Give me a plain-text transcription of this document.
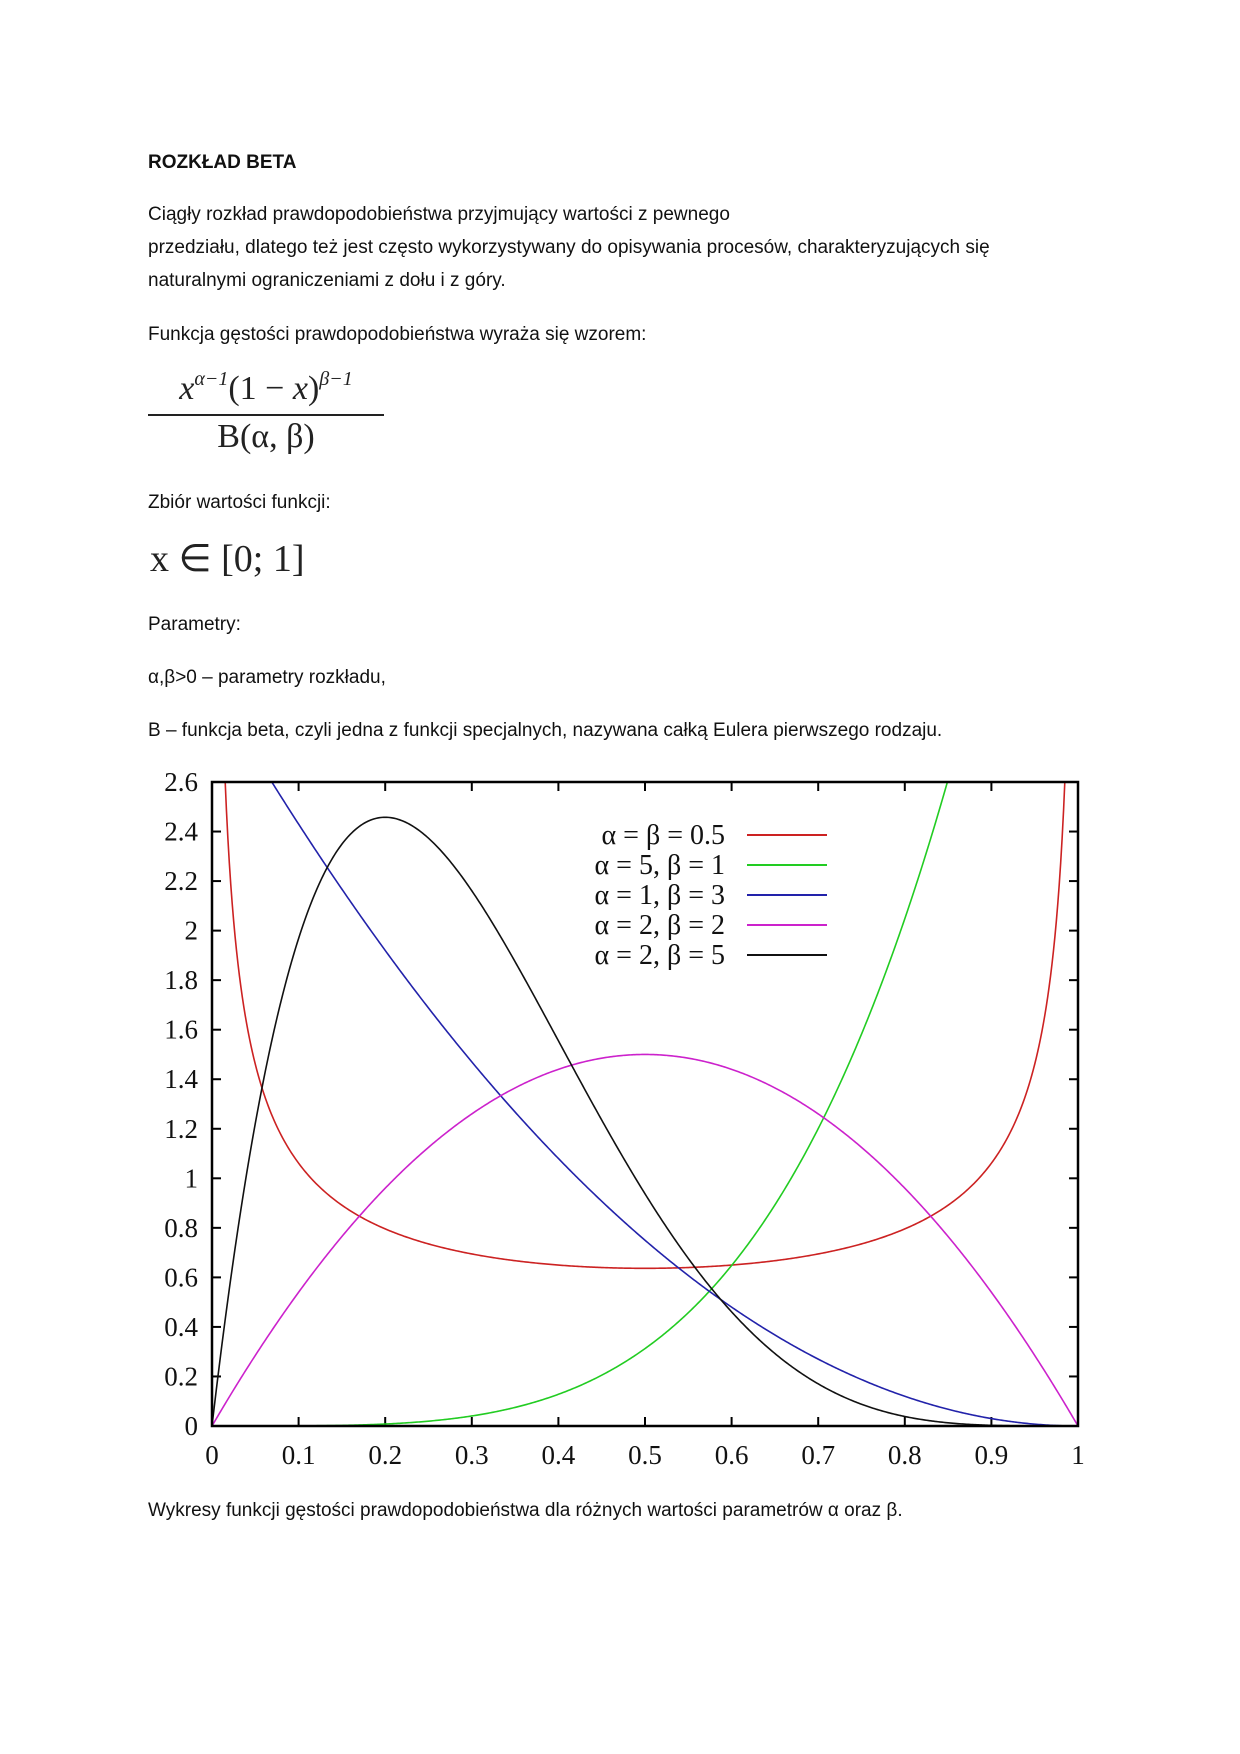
ROZKŁAD BETA
Ciągły rozkład prawdopodobieństwa przyjmujący wartości z pewnego
przedziału, dlatego też jest często wykorzystywany do opisywania procesów, charakteryzujących się
naturalnymi ograniczeniami z dołu i z góry.
Funkcja gęstości prawdopodobieństwa wyraża się wzorem:
$x^{\alpha-1}(1 - x)^{\beta-1}$
B(α, β)
Zbiór wartości funkcji:
x ∈ [0; 1]
Parametry:
α,β>0 – parametry rozkładu,
B – funkcja beta, czyli jedna z funkcji specjalnych, nazywana całką Eulera pierwszego rodzaju.
0 0.1 0.2 0.3 0.4 0.5 0.6 0.7 0.8 0.9 1
0
0.2
0.4
0.6
0.8
1
1.2
1.4
1.6
1.8
2
2.2
2.4
2.6
α = β = 0.5
α = 5, β = 1
α = 1, β = 3
α = 2, β = 2
α = 2, β = 5
Wykresy funkcji gęstości prawdopodobieństwa dla różnych wartości parametrów α oraz β.
